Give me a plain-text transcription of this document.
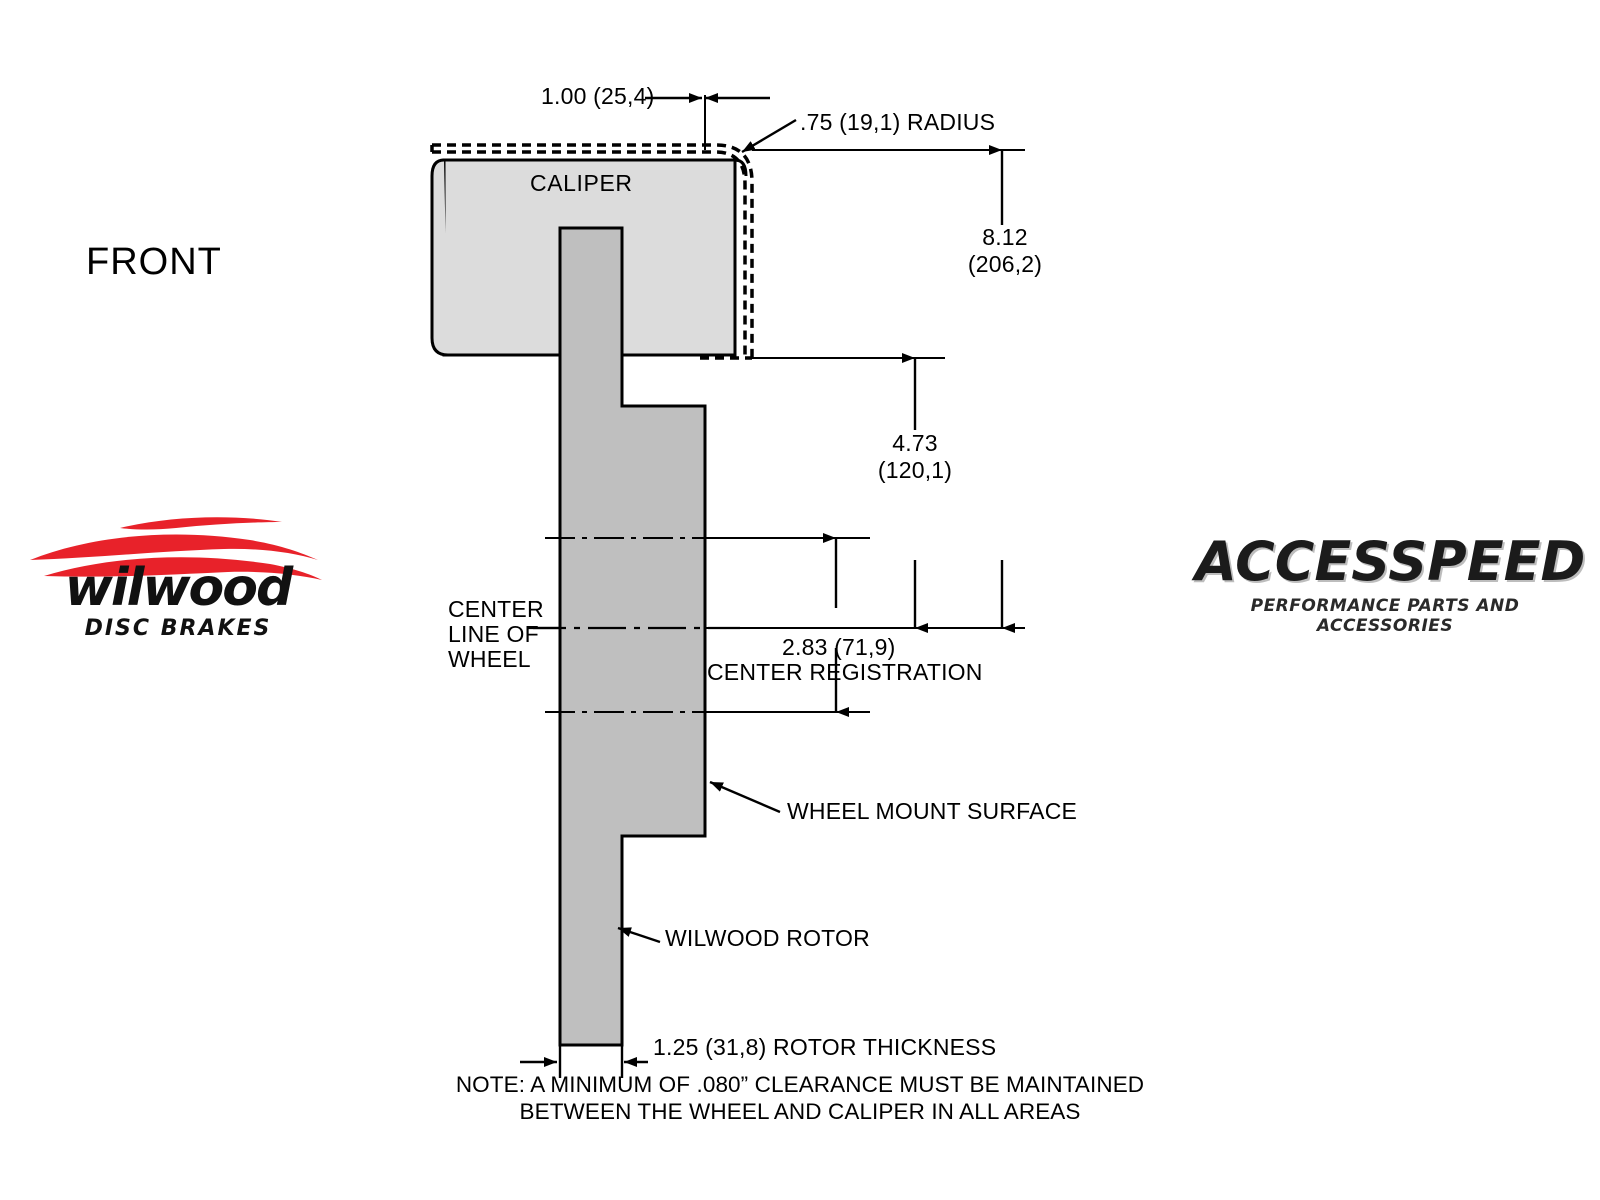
FRONT
CALIPER
1.00 (25,4)
.75 (19,1) RADIUS
8.12
(206,2)
4.73
(120,1)
CENTER
LINE OF
WHEEL	2.83 (71,9)
CENTER REGISTRATION
WHEEL MOUNT SURFACE
WILWOOD ROTOR
1.25 (31,8) ROTOR THICKNESS
NOTE: A MINIMUM OF .080” CLEARANCE MUST BE MAINTAINED
BETWEEN THE WHEEL AND CALIPER IN ALL AREAS
wilwood
DISC BRAKES
ACCESSPEED
PERFORMANCE PARTS AND ACCESSORIES
